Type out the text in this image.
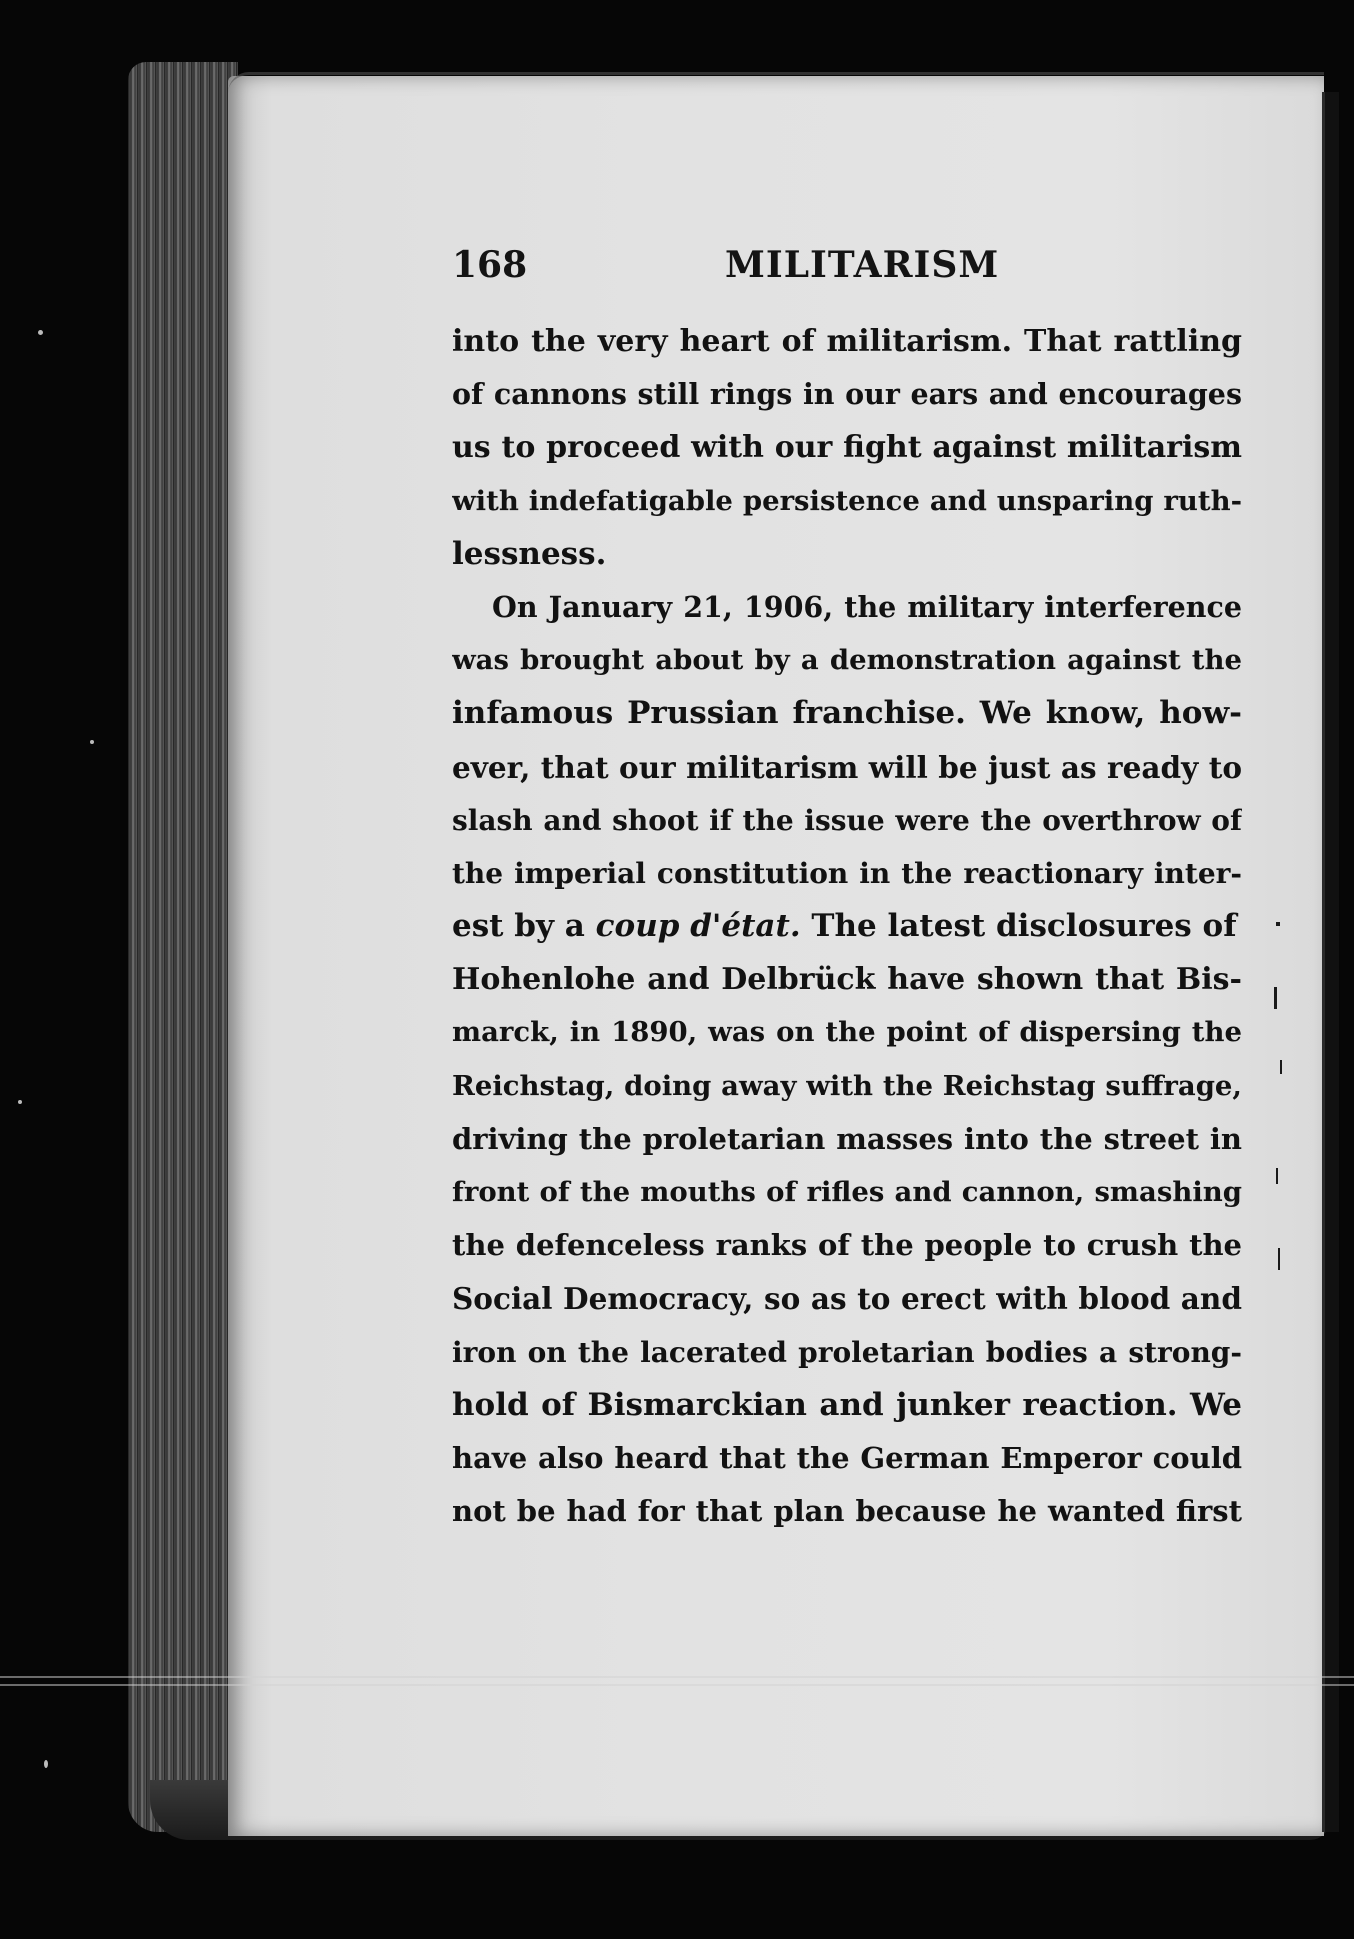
168	MILITARISM
into the very heart of militarism. That rattling
of cannons still rings in our ears and encourages
us to proceed with our fight against militarism
with indefatigable persistence and unsparing ruth-
lessness.
On January 21, 1906, the military interference
was brought about by a demonstration against the
infamous Prussian franchise. We know, how-
ever, that our militarism will be just as ready to
slash and shoot if the issue were the overthrow of
the imperial constitution in the reactionary inter-
est by a coup d'état. The latest disclosures of
Hohenlohe and Delbrück have shown that Bis-
marck, in 1890, was on the point of dispersing the
Reichstag, doing away with the Reichstag suffrage,
driving the proletarian masses into the street in
front of the mouths of rifles and cannon, smashing
the defenceless ranks of the people to crush the
Social Democracy, so as to erect with blood and
iron on the lacerated proletarian bodies a strong-
hold of Bismarckian and junker reaction. We
have also heard that the German Emperor could
not be had for that plan because he wanted first
